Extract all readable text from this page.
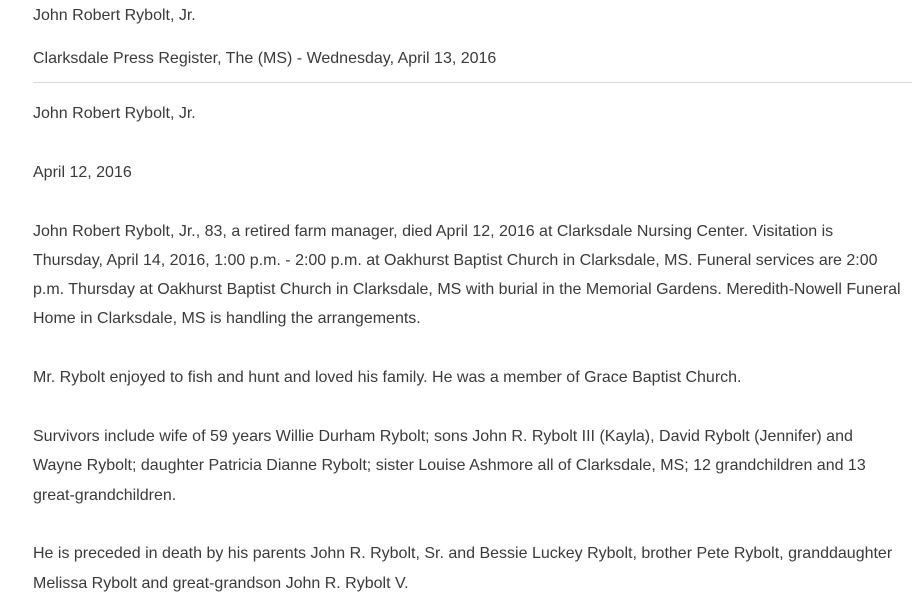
John Robert Rybolt, Jr.
Clarksdale Press Register, The (MS) - Wednesday, April 13, 2016

John Robert Rybolt, Jr.

April 12, 2016

John Robert Rybolt, Jr., 83, a retired farm manager, died April 12, 2016 at Clarksdale Nursing Center. Visitation is Thursday, April 14, 2016, 1:00 p.m. - 2:00 p.m. at Oakhurst Baptist Church in Clarksdale, MS. Funeral services are 2:00 p.m. Thursday at Oakhurst Baptist Church in Clarksdale, MS with burial in the Memorial Gardens. Meredith-Nowell Funeral Home in Clarksdale, MS is handling the arrangements.

Mr. Rybolt enjoyed to fish and hunt and loved his family. He was a member of Grace Baptist Church.

Survivors include wife of 59 years Willie Durham Rybolt; sons John R. Rybolt III (Kayla), David Rybolt (Jennifer) and Wayne Rybolt; daughter Patricia Dianne Rybolt; sister Louise Ashmore all of Clarksdale, MS; 12 grandchildren and 13 great-grandchildren.

He is preceded in death by his parents John R. Rybolt, Sr. and Bessie Luckey Rybolt, brother Pete Rybolt, granddaughter Melissa Rybolt and great-grandson John R. Rybolt V.
